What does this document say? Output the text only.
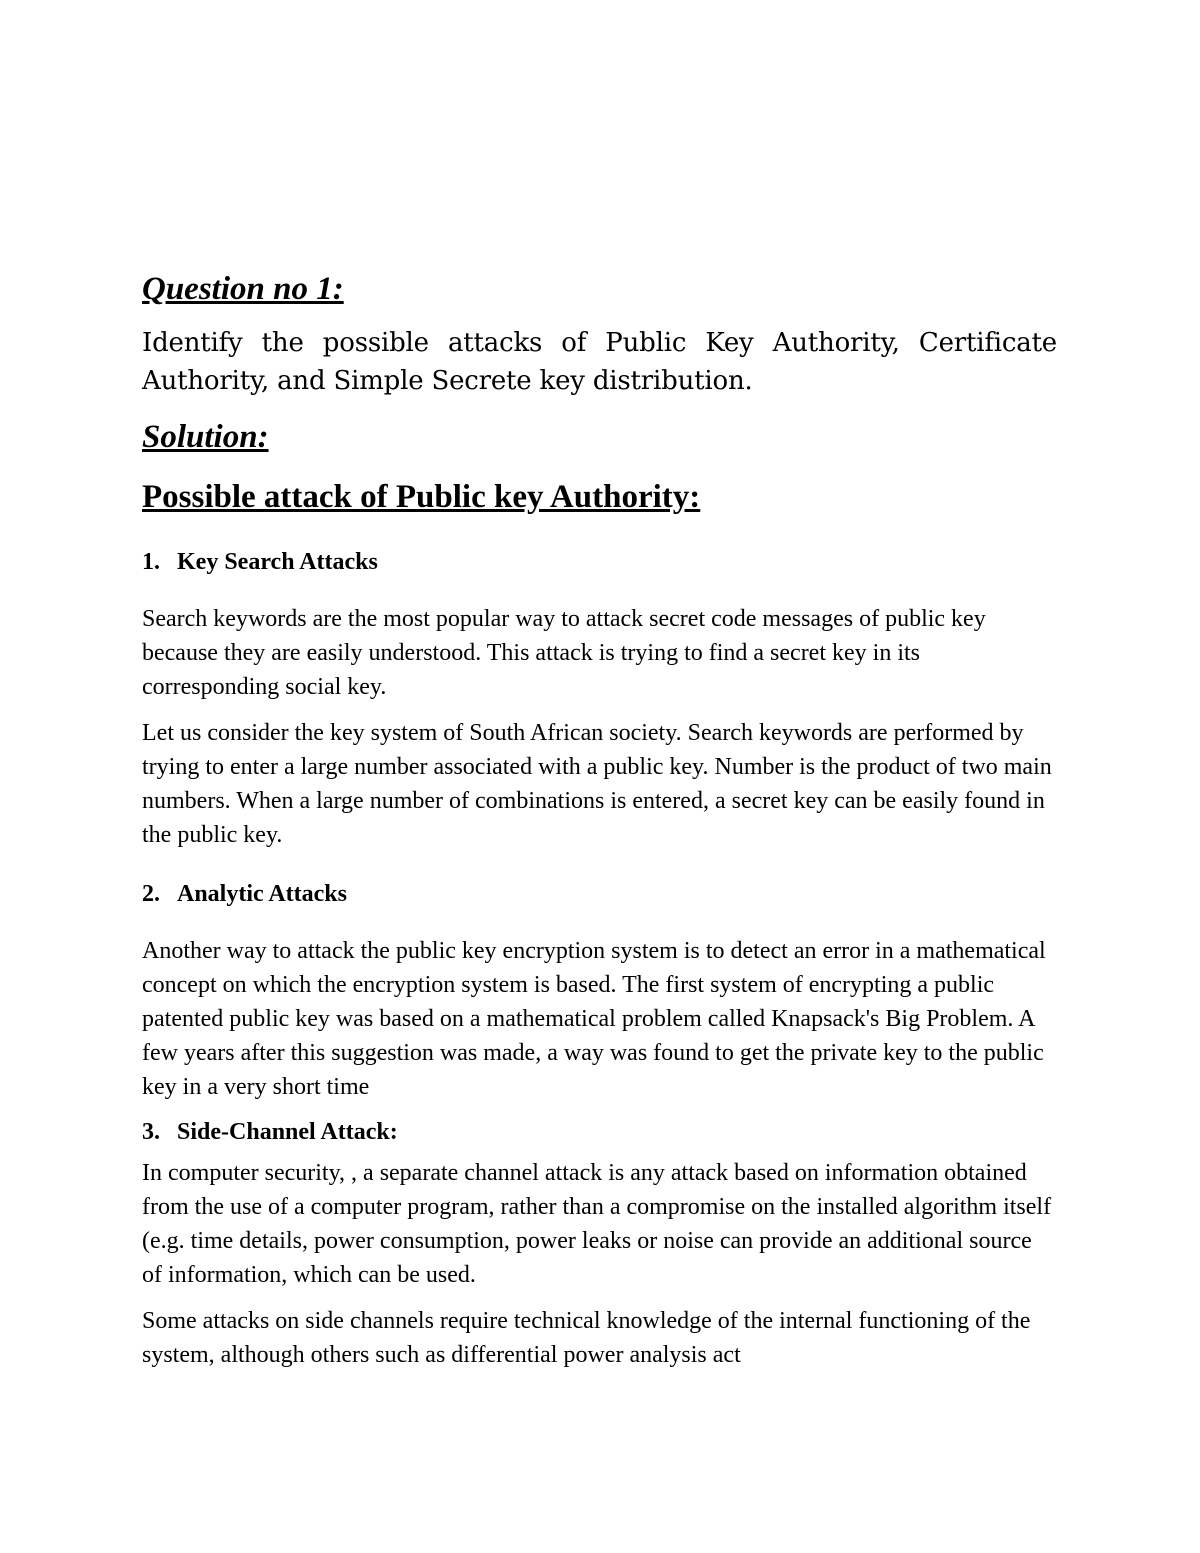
Question no 1:
Identify the possible attacks of Public Key Authority, Certificate Authority, and Simple Secrete key distribution.
Solution:
Possible attack of Public key Authority:
1. Key Search Attacks

Search keywords are the most popular way to attack secret code messages of public key because they are easily understood. This attack is trying to find a secret key in its corresponding social key.

Let us consider the key system of South African society. Search keywords are performed by trying to enter a large number associated with a public key. Number is the product of two main numbers. When a large number of combinations is entered, a secret key can be easily found in the public key.

2. Analytic Attacks

Another way to attack the public key encryption system is to detect an error in a mathematical concept on which the encryption system is based. The first system of encrypting a public patented public key was based on a mathematical problem called Knapsack's Big Problem. A few years after this suggestion was made, a way was found to get the private key to the public key in a very short time

3. Side-Channel Attack:

In computer security, , a separate channel attack is any attack based on information obtained from the use of a computer program, rather than a compromise on the installed algorithm itself (e.g. time details, power consumption, power leaks or noise can provide an additional source of information, which can be used.

Some attacks on side channels require technical knowledge of the internal functioning of the system, although others such as differential power analysis act
